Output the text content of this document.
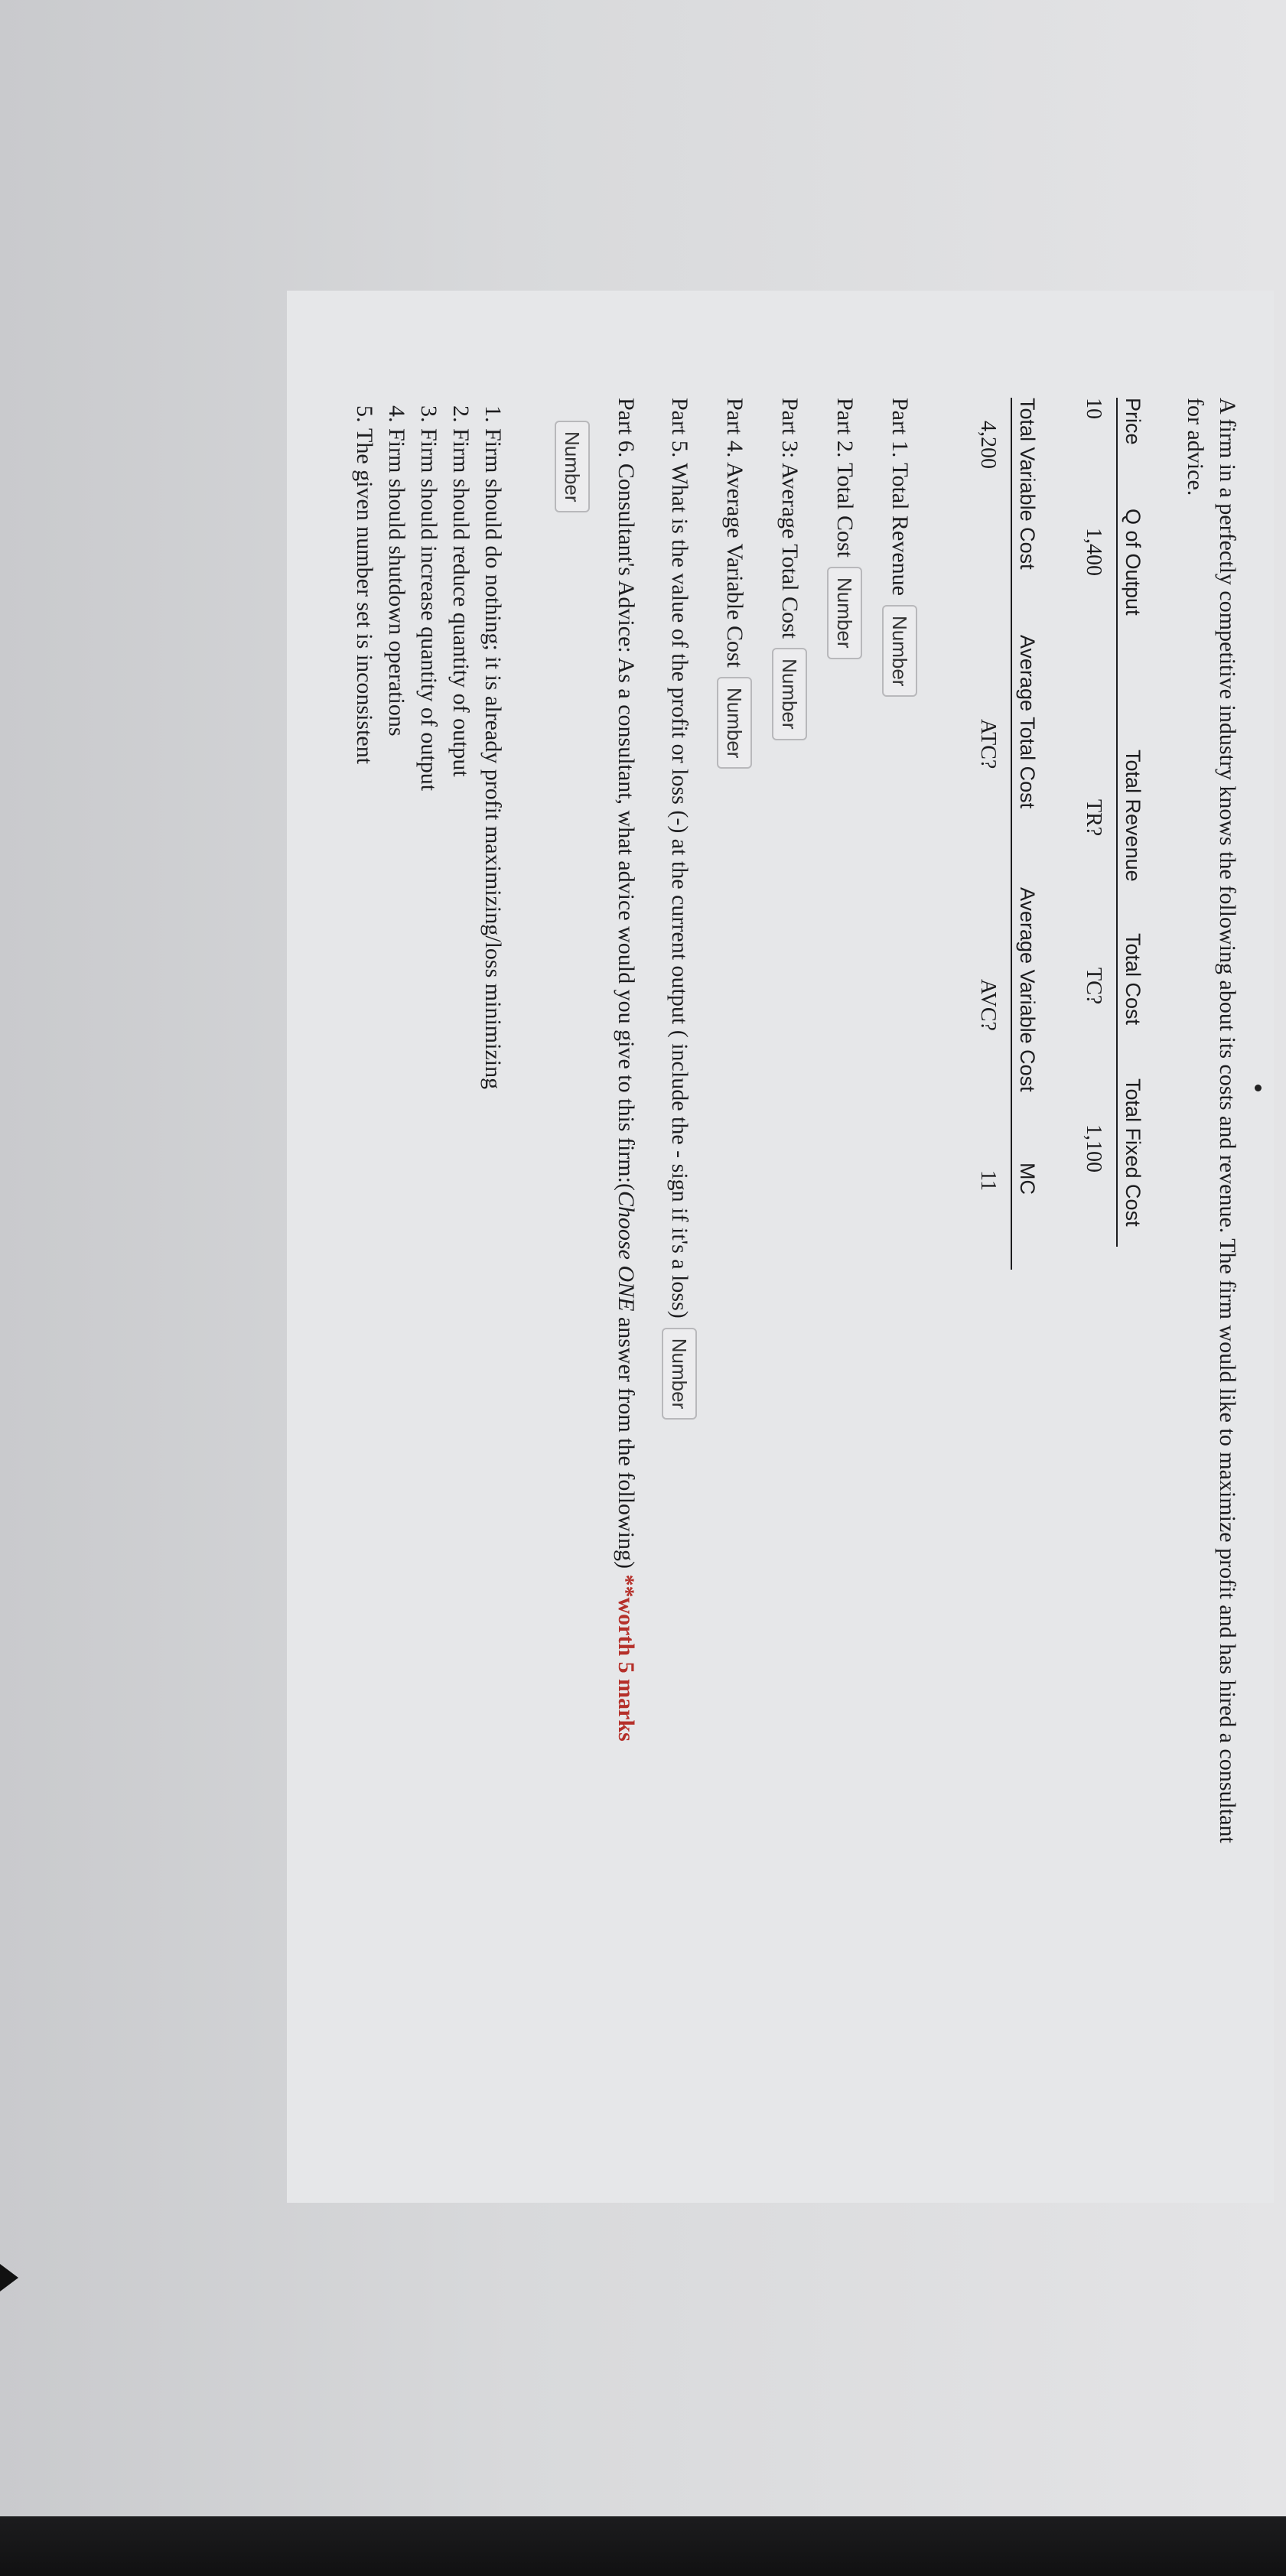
A firm in a perfectly competitive industry knows the following about its costs and revenue. The firm would like to maximize profit and has hired a consultant for advice.

Price
Q of Output
Total Revenue
Total Cost
Total Fixed Cost
10
1,400
TR?
TC?
1,100
Total Variable Cost
Average Total Cost
Average Variable Cost
MC
4,200
ATC?
AVC?
11
Part 1. Total Revenue
Number
Part 2. Total Cost
Number
Part 3: Average Total Cost
Number
Part 4. Average Variable Cost
Number
Part 5. What is the value of the profit or loss (-) at the current output ( include the - sign if it's a loss)
Number
Part 6. Consultant's Advice: As a consultant, what advice would you give to this firm:(Choose ONE answer from the following) **worth 5 marks
Number
1. Firm should do nothing; it is already profit maximizing/loss minimizing
2. Firm should reduce quantity of output
3. Firm should increase quantity of output
4. Firm should shutdown operations
5. The given number set is inconsistent
